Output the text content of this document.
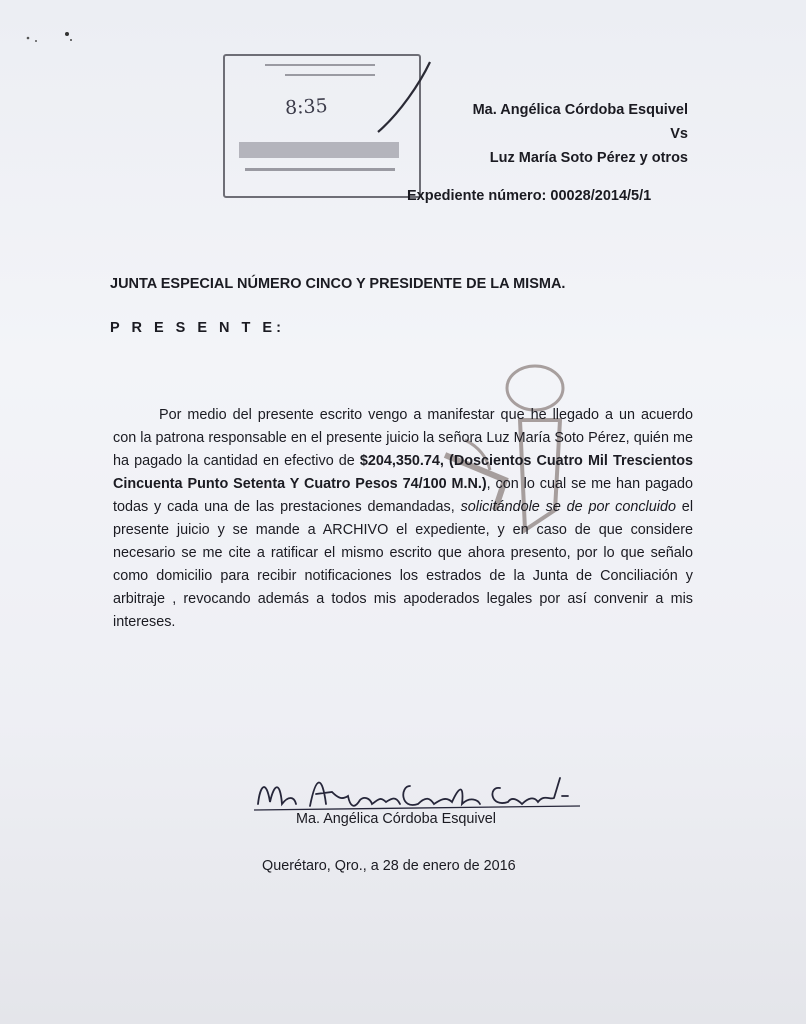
8:35	Ma. Angélica Córdoba Esquivel
Vs
Luz María Soto Pérez y otros
Expediente número: 00028/2014/5/1
JUNTA ESPECIAL NÚMERO CINCO Y PRESIDENTE DE LA MISMA.
P R E S E N T E:
Por medio del presente escrito vengo a manifestar que he llegado a un acuerdo con la patrona responsable en el presente juicio la señora Luz María Soto Pérez, quién me ha pagado la cantidad en efectivo de $204,350.74, (Doscientos Cuatro Mil Trescientos Cincuenta Punto Setenta Y Cuatro Pesos 74/100 M.N.), con lo cual se me han pagado todas y cada una de las prestaciones demandadas, solicitándole se de por concluido el presente juicio y se mande a ARCHIVO el expediente, y en caso de que considere necesario se me cite a ratificar el mismo escrito que ahora presento, por lo que señalo como domicilio para recibir notificaciones los estrados de la Junta de Conciliación y arbitraje , revocando además a todos mis apoderados legales por así convenir a mis intereses.
Ma. Angélica Córdoba Esquivel
Querétaro, Qro., a 28 de enero de 2016
